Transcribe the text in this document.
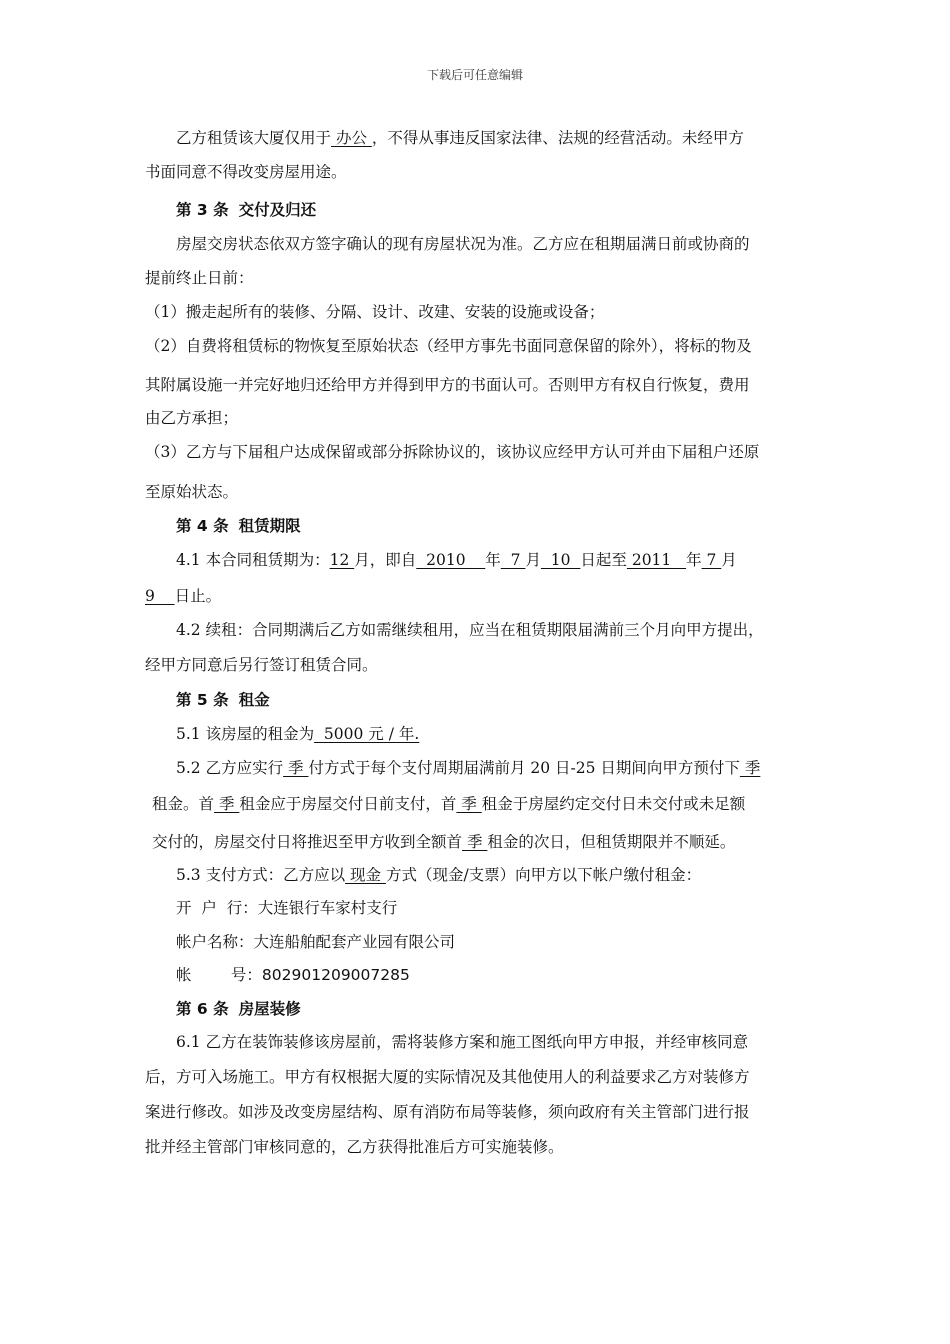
下载后可任意编辑
乙方租赁该大厦仅用于 办公 ，不得从事违反国家法律、法规的经营活动。未经甲方
书面同意不得改变房屋用途。
第 3 条 交付及归还
房屋交房状态依双方签字确认的现有房屋状况为准。乙方应在租期届满日前或协商的
提前终止日前：
（1）搬走起所有的装修、分隔、设计、改建、安装的设施或设备；
（2）自费将租赁标的物恢复至原始状态（经甲方事先书面同意保留的除外），将标的物及
其附属设施一并完好地归还给甲方并得到甲方的书面认可。否则甲方有权自行恢复，费用
由乙方承担；
（3）乙方与下届租户达成保留或部分拆除协议的，该协议应经甲方认可并由下届租户还原
至原始状态。
第 4 条 租赁期限
4.1 本合同租赁期为：12 月，即自  2010    年  7 月  10  日起至 2011   年 7 月
9    日止。
4.2 续租：合同期满后乙方如需继续租用，应当在租赁期限届满前三个月向甲方提出，
经甲方同意后另行签订租赁合同。
第 5 条 租金
5.1 该房屋的租金为  5000 元 / 年.
5.2 乙方应实行 季 付方式于每个支付周期届满前月 20 日-25 日期间向甲方预付下 季
租金。首 季 租金应于房屋交付日前支付，首 季 租金于房屋约定交付日未交付或未足额
交付的，房屋交付日将推迟至甲方收到全额首 季 租金的次日，但租赁期限并不顺延。
5.3 支付方式：乙方应以 现金 方式（现金/支票）向甲方以下帐户缴付租金：
开  户  行：大连银行车家村支行
帐户名称：大连船舶配套产业园有限公司
帐        号：802901209007285
第 6 条 房屋装修
6.1 乙方在装饰装修该房屋前，需将装修方案和施工图纸向甲方申报，并经审核同意
后，方可入场施工。甲方有权根据大厦的实际情况及其他使用人的利益要求乙方对装修方
案进行修改。如涉及改变房屋结构、原有消防布局等装修，须向政府有关主管部门进行报
批并经主管部门审核同意的，乙方获得批准后方可实施装修。
